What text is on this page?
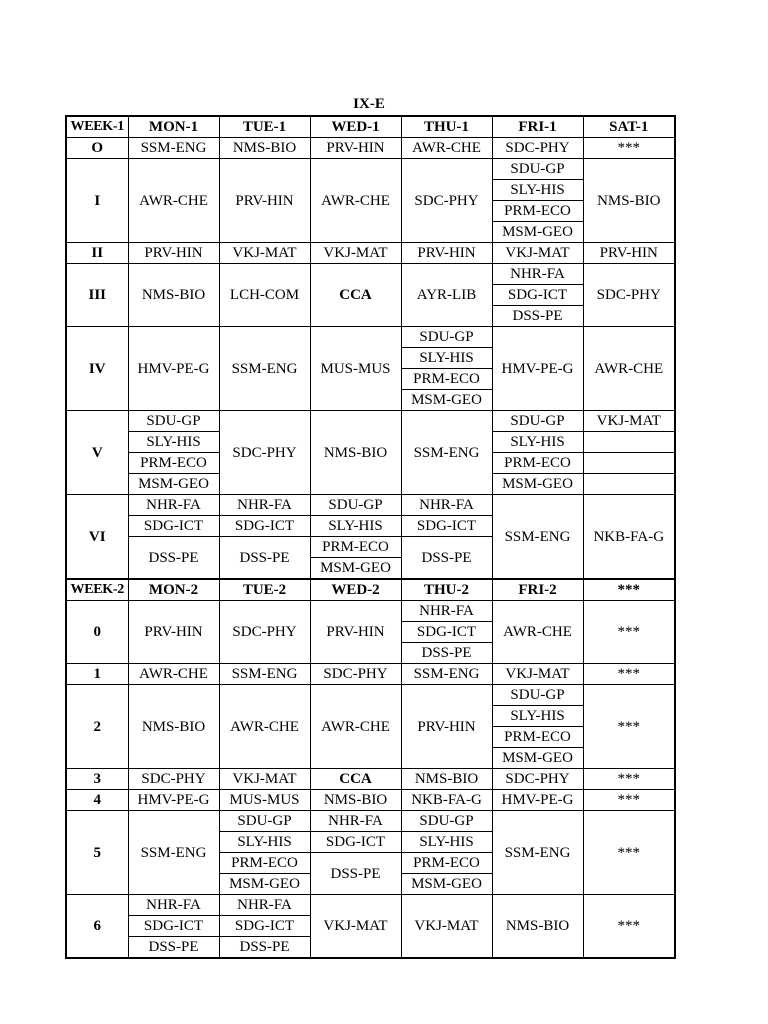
IX-E
WEEK-1	MON-1	TUE-1	WED-1	THU-1	FRI-1	SAT-1
O	SSM-ENG	NMS-BIO	PRV-HIN	AWR-CHE	SDC-PHY	***
I	AWR-CHE	PRV-HIN	AWR-CHE	SDC-PHY	SDU-GP	NMS-BIO
					SLY-HIS	
					PRM-ECO	
					MSM-GEO	
II	PRV-HIN	VKJ-MAT	VKJ-MAT	PRV-HIN	VKJ-MAT	PRV-HIN
III	NMS-BIO	LCH-COM	CCA	AYR-LIB	NHR-FA	SDC-PHY
					SDG-ICT	
					DSS-PE	
IV	HMV-PE-G	SSM-ENG	MUS-MUS	SDU-GP	HMV-PE-G	AWR-CHE
				SLY-HIS		
				PRM-ECO		
				MSM-GEO		
V	SDU-GP	SDC-PHY	NMS-BIO	SSM-ENG	SDU-GP	VKJ-MAT
	SLY-HIS				SLY-HIS	
	PRM-ECO				PRM-ECO	
	MSM-GEO				MSM-GEO	
VI	NHR-FA	NHR-FA	SDU-GP	NHR-FA	SSM-ENG	NKB-FA-G
	SDG-ICT	SDG-ICT	SLY-HIS	SDG-ICT		
	DSS-PE	DSS-PE	PRM-ECO	DSS-PE		
			MSM-GEO			
WEEK-2	MON-2	TUE-2	WED-2	THU-2	FRI-2	***
0	PRV-HIN	SDC-PHY	PRV-HIN	NHR-FA	AWR-CHE	***
				SDG-ICT		
				DSS-PE		
1	AWR-CHE	SSM-ENG	SDC-PHY	SSM-ENG	VKJ-MAT	***
2	NMS-BIO	AWR-CHE	AWR-CHE	PRV-HIN	SDU-GP	***
					SLY-HIS	
					PRM-ECO	
					MSM-GEO	
3	SDC-PHY	VKJ-MAT	CCA	NMS-BIO	SDC-PHY	***
4	HMV-PE-G	MUS-MUS	NMS-BIO	NKB-FA-G	HMV-PE-G	***
5	SSM-ENG	SDU-GP	NHR-FA	SDU-GP	SSM-ENG	***
		SLY-HIS	SDG-ICT	SLY-HIS		
		PRM-ECO	DSS-PE	PRM-ECO		
		MSM-GEO		MSM-GEO		
6	NHR-FA	NHR-FA	VKJ-MAT	VKJ-MAT	NMS-BIO	***
	SDG-ICT	SDG-ICT				
	DSS-PE	DSS-PE				
